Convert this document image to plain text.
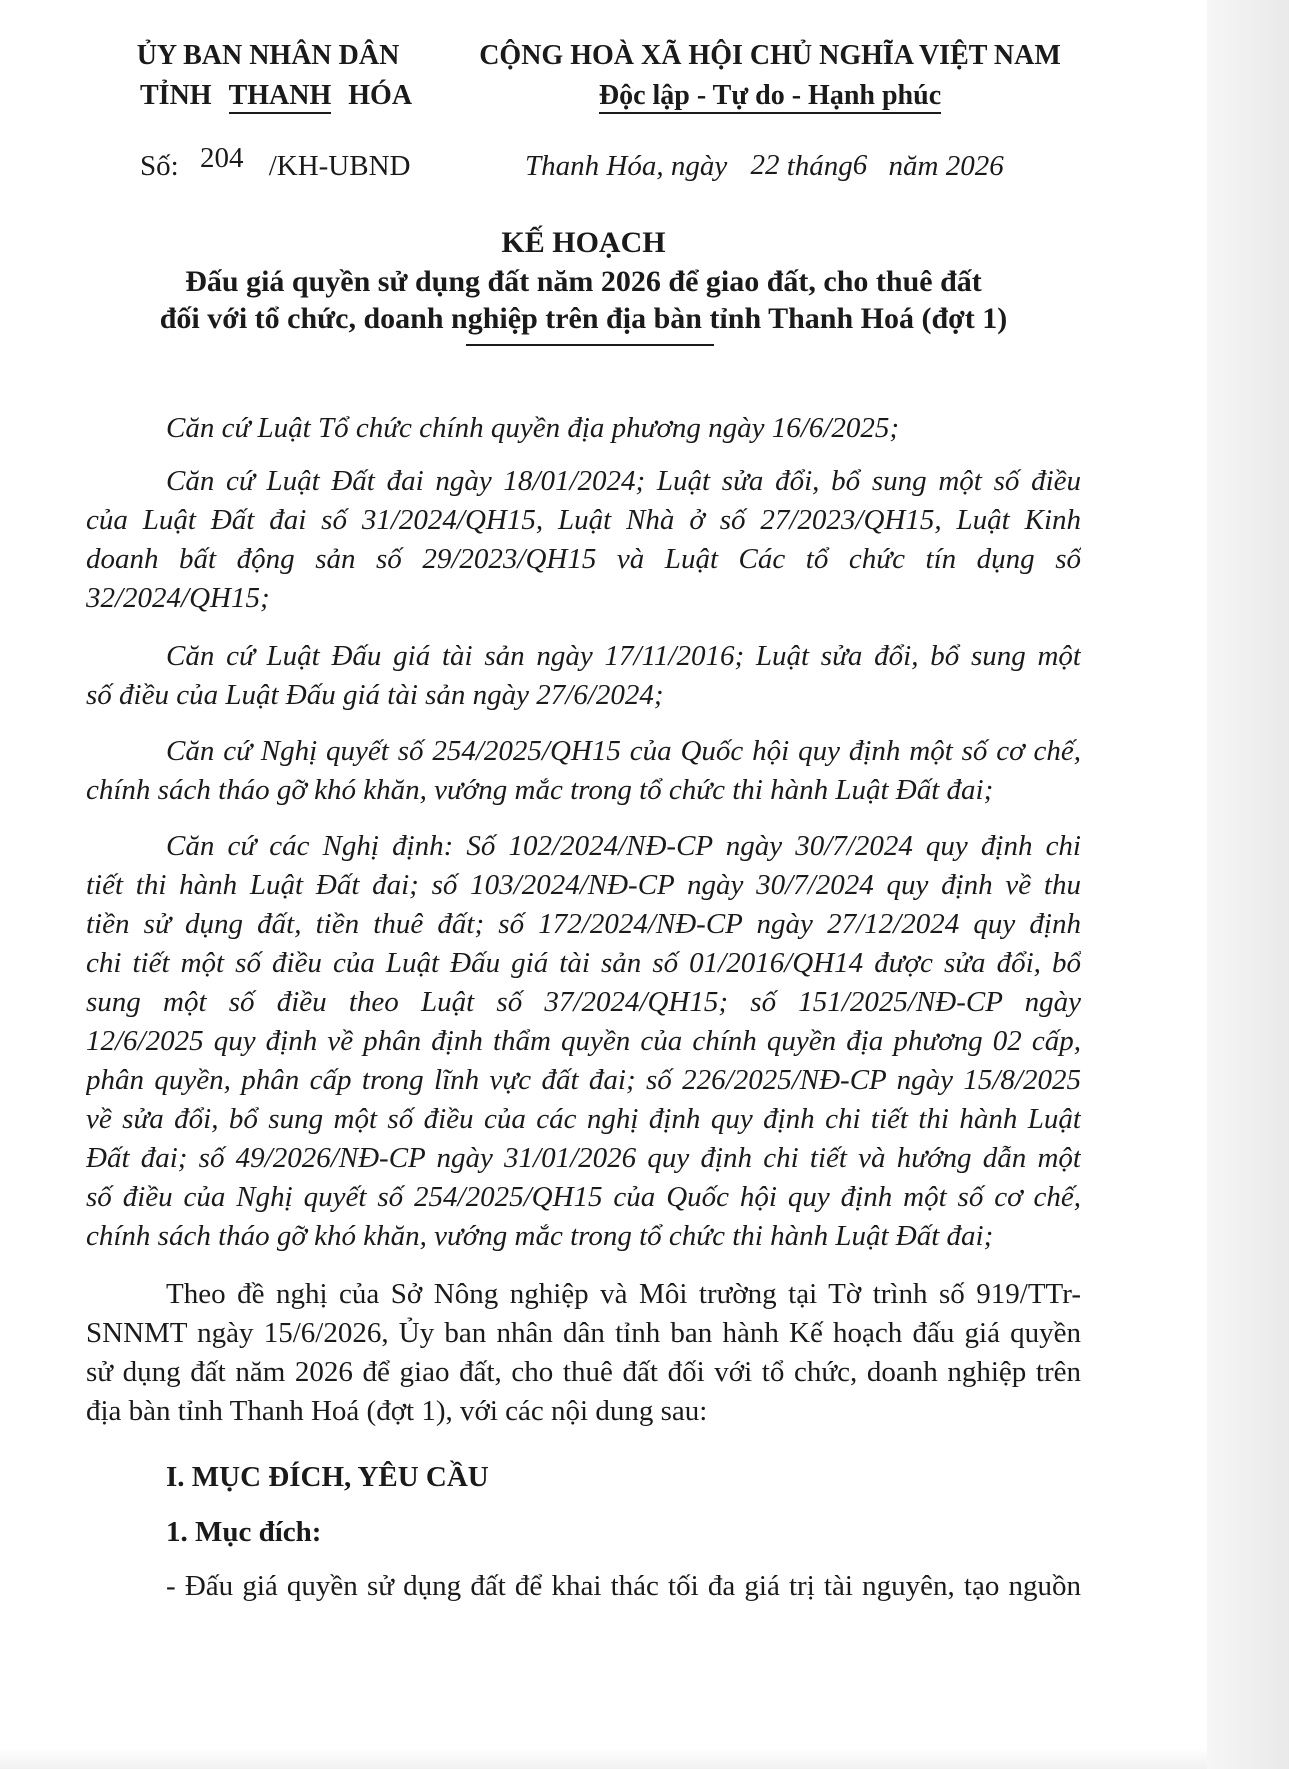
ỦY BAN NHÂN DÂN
TỈNH THANH HÓA
CỘNG HOÀ XÃ HỘI CHỦ NGHĨA VIỆT NAM
Độc lập - Tự do - Hạnh phúc
Số: 204 /KH-UBND	Thanh Hóa, ngày 22 tháng6 năm 2026
KẾ HOẠCH
Đấu giá quyền sử dụng đất năm 2026 để giao đất, cho thuê đất
đối với tổ chức, doanh nghiệp trên địa bàn tỉnh Thanh Hoá (đợt 1)
Căn cứ Luật Tổ chức chính quyền địa phương ngày 16/6/2025;
Căn cứ Luật Đất đai ngày 18/01/2024; Luật sửa đổi, bổ sung một số điều
của Luật Đất đai số 31/2024/QH15, Luật Nhà ở số 27/2023/QH15, Luật Kinh
doanh bất động sản số 29/2023/QH15 và Luật Các tổ chức tín dụng số
32/2024/QH15;
Căn cứ Luật Đấu giá tài sản ngày 17/11/2016; Luật sửa đổi, bổ sung một
số điều của Luật Đấu giá tài sản ngày 27/6/2024;
Căn cứ Nghị quyết số 254/2025/QH15 của Quốc hội quy định một số cơ chế,
chính sách tháo gỡ khó khăn, vướng mắc trong tổ chức thi hành Luật Đất đai;
Căn cứ các Nghị định: Số 102/2024/NĐ-CP ngày 30/7/2024 quy định chi
tiết thi hành Luật Đất đai; số 103/2024/NĐ-CP ngày 30/7/2024 quy định về thu
tiền sử dụng đất, tiền thuê đất; số 172/2024/NĐ-CP ngày 27/12/2024 quy định
chi tiết một số điều của Luật Đấu giá tài sản số 01/2016/QH14 được sửa đổi, bổ
sung một số điều theo Luật số 37/2024/QH15; số 151/2025/NĐ-CP ngày
12/6/2025 quy định về phân định thẩm quyền của chính quyền địa phương 02 cấp,
phân quyền, phân cấp trong lĩnh vực đất đai; số 226/2025/NĐ-CP ngày 15/8/2025
về sửa đổi, bổ sung một số điều của các nghị định quy định chi tiết thi hành Luật
Đất đai; số 49/2026/NĐ-CP ngày 31/01/2026 quy định chi tiết và hướng dẫn một
số điều của Nghị quyết số 254/2025/QH15 của Quốc hội quy định một số cơ chế,
chính sách tháo gỡ khó khăn, vướng mắc trong tổ chức thi hành Luật Đất đai;
Theo đề nghị của Sở Nông nghiệp và Môi trường tại Tờ trình số 919/TTr-
SNNMT ngày 15/6/2026, Ủy ban nhân dân tỉnh ban hành Kế hoạch đấu giá quyền
sử dụng đất năm 2026 để giao đất, cho thuê đất đối với tổ chức, doanh nghiệp trên
địa bàn tỉnh Thanh Hoá (đợt 1), với các nội dung sau:
I. MỤC ĐÍCH, YÊU CẦU
1. Mục đích:
- Đấu giá quyền sử dụng đất để khai thác tối đa giá trị tài nguyên, tạo nguồn
